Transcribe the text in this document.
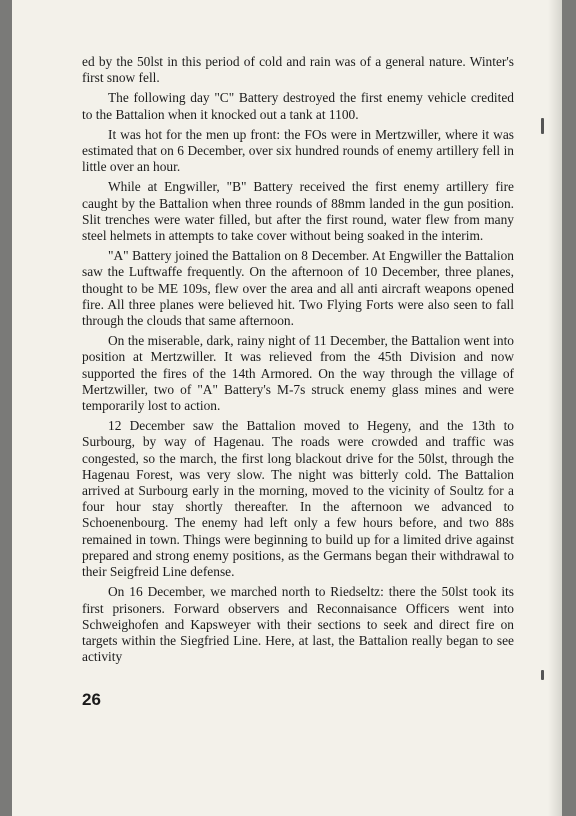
ed by the 50lst in this period of cold and rain was of a general nature. Winter's first snow fell.

The following day "C" Battery destroyed the first enemy vehicle credited to the Battalion when it knocked out a tank at 1100.

It was hot for the men up front: the FOs were in Mertzwiller, where it was estimated that on 6 December, over six hundred rounds of enemy artillery fell in little over an hour.

While at Engwiller, "B" Battery received the first enemy artillery fire caught by the Battalion when three rounds of 88mm landed in the gun position. Slit trenches were water filled, but after the first round, water flew from many steel helmets in attempts to take cover without being soaked in the interim.

"A" Battery joined the Battalion on 8 December. At Engwiller the Battalion saw the Luftwaffe frequently. On the afternoon of 10 December, three planes, thought to be ME 109s, flew over the area and all anti aircraft weapons opened fire. All three planes were believed hit. Two Flying Forts were also seen to fall through the clouds that same afternoon.

On the miserable, dark, rainy night of 11 December, the Battalion went into position at Mertzwiller. It was relieved from the 45th Division and now supported the fires of the 14th Armored. On the way through the village of Mertzwiller, two of "A" Battery's M-7s struck enemy glass mines and were temporarily lost to action.

12 December saw the Battalion moved to Hegeny, and the 13th to Surbourg, by way of Hagenau. The roads were crowded and traffic was congested, so the march, the first long blackout drive for the 50lst, through the Hagenau Forest, was very slow. The night was bitterly cold. The Battalion arrived at Surbourg early in the morning, moved to the vicinity of Soultz for a four hour stay shortly thereafter. In the afternoon we advanced to Schoenenbourg. The enemy had left only a few hours before, and two 88s remained in town. Things were beginning to build up for a limited drive against prepared and strong enemy positions, as the Germans began their withdrawal to their Seigfreid Line defense.

On 16 December, we marched north to Riedseltz: there the 50lst took its first prisoners. Forward observers and Reconnaisance Officers went into Schweighofen and Kapsweyer with their sections to seek and direct fire on targets within the Siegfried Line. Here, at last, the Battalion really began to see activity

26
